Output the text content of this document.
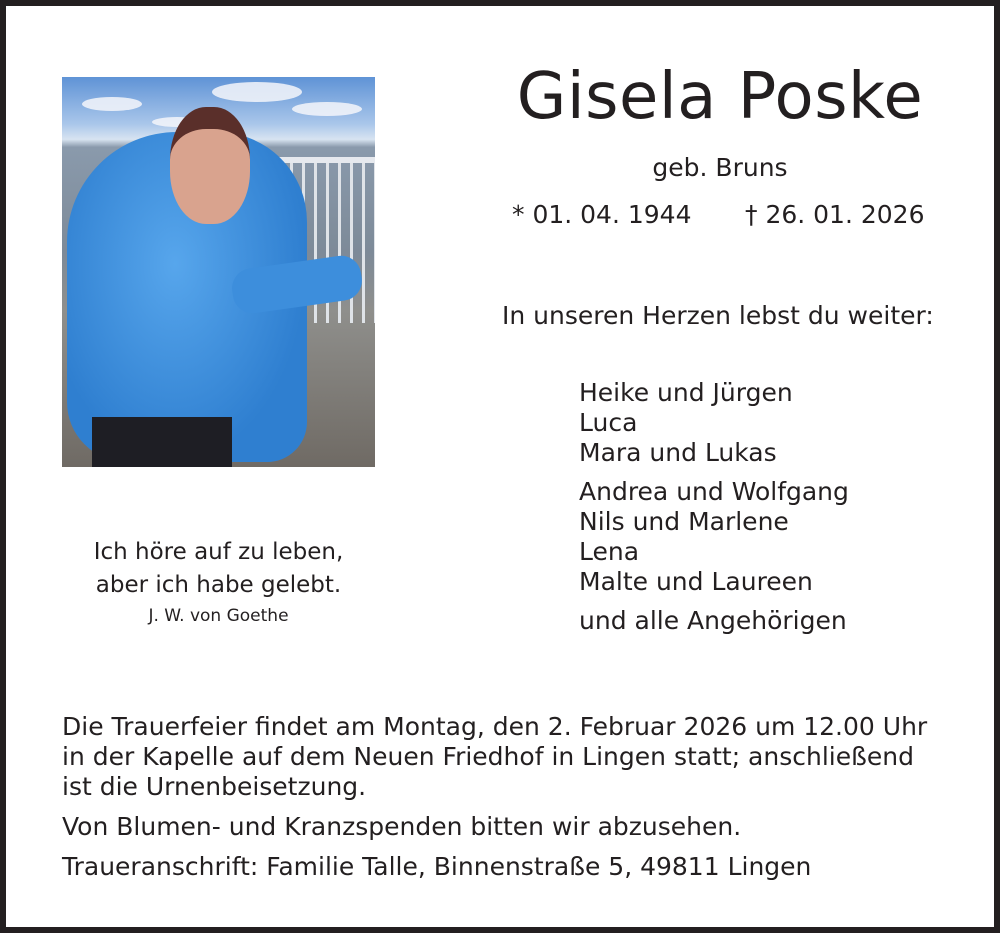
Gisela Poske
geb. Bruns
* 01. 04. 1944 † 26. 01. 2026
In unseren Herzen lebst du weiter:
Heike und Jürgen
Luca
Mara und Lukas
Andrea und Wolfgang
Nils und Marlene
Lena
Malte und Laureen
und alle Angehörigen
Ich höre auf zu leben,
aber ich habe gelebt.
J. W. von Goethe
Die Trauerfeier findet am Montag, den 2. Februar 2026 um 12.00 Uhr
in der Kapelle auf dem Neuen Friedhof in Lingen statt; anschließend
ist die Urnenbeisetzung.
Von Blumen- und Kranzspenden bitten wir abzusehen.
Traueranschrift: Familie Talle, Binnenstraße 5, 49811 Lingen
